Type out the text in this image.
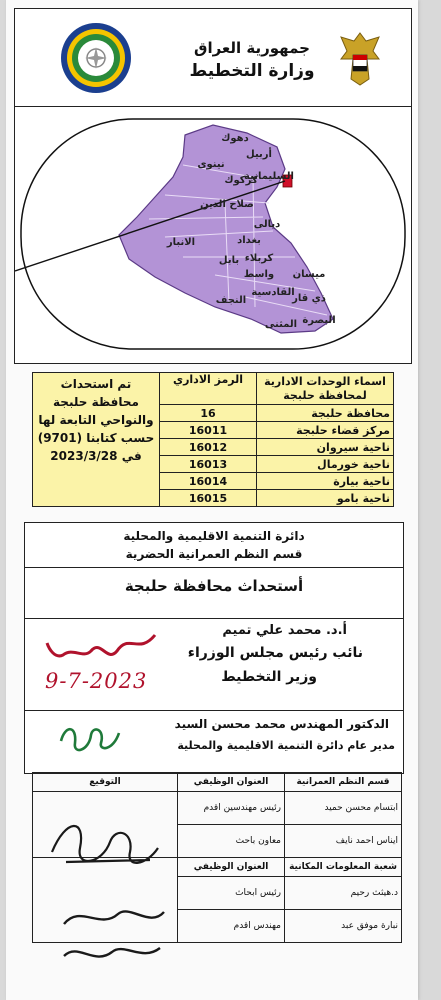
جمهورية العراق
وزارة التخطيط
دهوك
أربيل
نينوى
السليمانية
كركوك
صلاح الدين
ديالى
بغداد
الانبار
بابل كربلاء
واسط ميسان
النجف
القادسية
ذي قار
المثنى البصرة
اسماء الوحدات الادارية لمحافظة حلبجة	الرمز الاداري	تم استحداث محافظة حلبجة والنواحي التابعة لها حسب كتابنا (9701) في 2023/3/28
محافظة حلبجة	16	
مركز قضاء حلبجة	16011	
ناحية سيروان	16012	
ناحية خورمال	16013	
ناحية بيارة	16014	
ناحية بامو	16015	
دائرة التنمية الاقليمية والمحلية
قسم النظم العمرانية الحضرية
أستحداث محافظة حلبجة
أ.د. محمد علي تميم
نائب رئيس مجلس الوزراء
وزير التخطيط
9-7-2023
الدكتور المهندس محمد محسن السيد
مدير عام دائرة التنمية الاقليمية والمحلية
قسم النظم العمرانية	العنوان الوظيفي	التوقيع
ابتسام محسن حميد	رئيس مهندسين اقدم	
ايناس احمد نايف	معاون باحث	
شعبة المعلومات المكانية	العنوان الوظيفي	
د.هيثث رحيم	رئيس ابحاث	
نبارة موفق عبد	مهندس اقدم	
